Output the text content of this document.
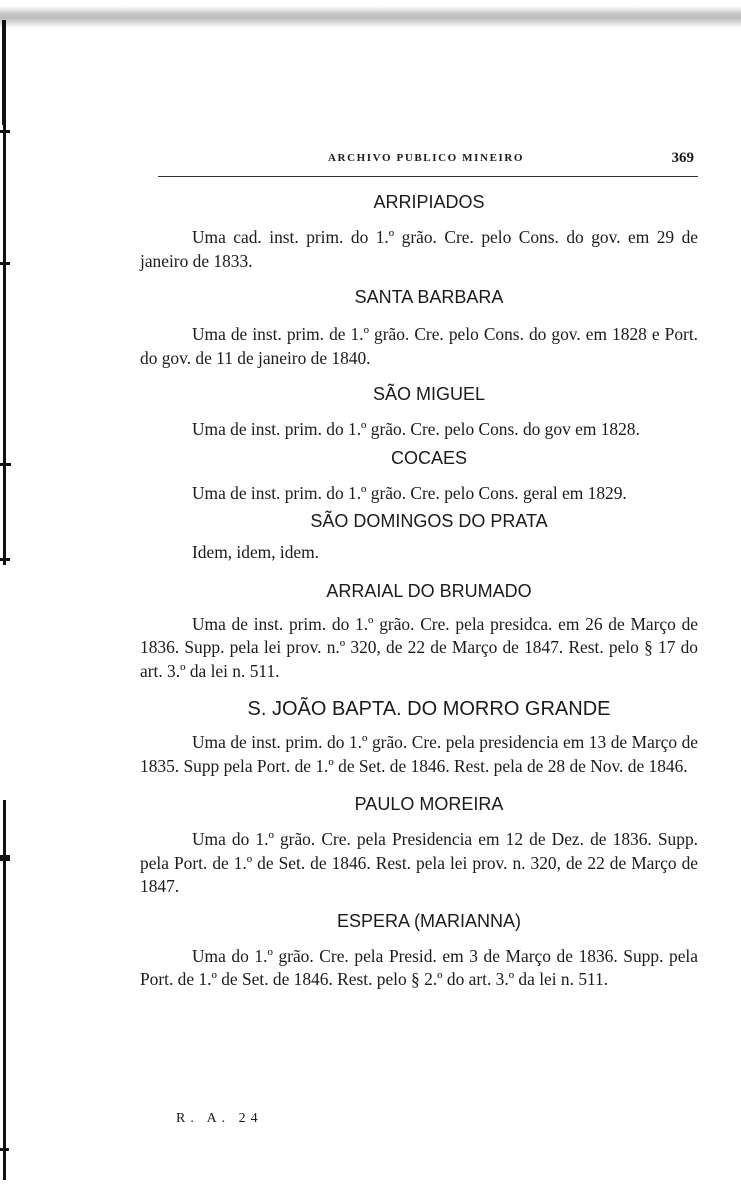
ARCHIVO PUBLICO MINEIRO	369

ARRIPIADOS

Uma cad. inst. prim. do 1.º grão. Cre. pelo Cons. do gov. em 29 de janeiro de 1833.

SANTA BARBARA

Uma de inst. prim. de 1.º grão. Cre. pelo Cons. do gov. em 1828 e Port. do gov. de 11 de janeiro de 1840.

SÃO MIGUEL

Uma de inst. prim. do 1.º grão. Cre. pelo Cons. do gov em 1828.

COCAES

Uma de inst. prim. do 1.º grão. Cre. pelo Cons. geral em 1829.

SÃO DOMINGOS DO PRATA

Idem, idem, idem.

ARRAIAL DO BRUMADO

Uma de inst. prim. do 1.º grão. Cre. pela presidca. em 26 de Março de 1836. Supp. pela lei prov. n.º 320, de 22 de Março de 1847. Rest. pelo § 17 do art. 3.º da lei n. 511.

S. JOÃO BAPTA. DO MORRO GRANDE

Uma de inst. prim. do 1.º grão. Cre. pela presidencia em 13 de Março de 1835. Supp pela Port. de 1.º de Set. de 1846. Rest. pela de 28 de Nov. de 1846.

PAULO MOREIRA

Uma do 1.º grão. Cre. pela Presidencia em 12 de Dez. de 1836. Supp. pela Port. de 1.º de Set. de 1846. Rest. pela lei prov. n. 320, de 22 de Março de 1847.

ESPERA (MARIANNA)

Uma do 1.º grão. Cre. pela Presid. em 3 de Março de 1836. Supp. pela Port. de 1.º de Set. de 1846. Rest. pelo § 2.º do art. 3.º da lei n. 511.

R. A. 24
